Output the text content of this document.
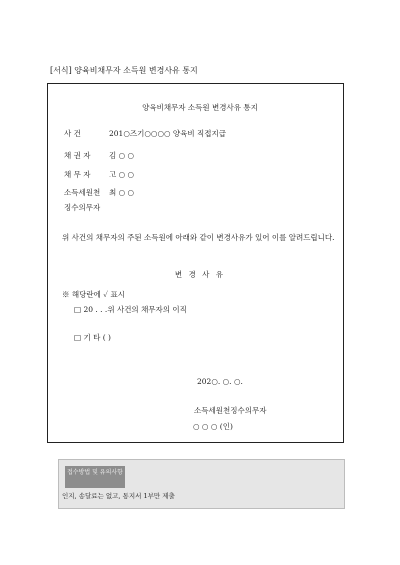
[서식] 양육비채무자 소득원 변경사유 통지
양육비채무자 소득원 변경사유 통지
사 건	201○즈기○○○○ 양육비 직접지급
채 권 자 김 ○ ○
채 무 자 고 ○ ○
소득세원천 최 ○ ○
징수의무자
위 사건의 채무자의 주된 소득원에 아래와 같이 변경사유가 있어 이를 알려드립니다.
변 경 사 유
※ 해당란에 ✓ 표시
□ 20 . . .위 사건의 채무자의 이직
□ 기 타 ( )
202○. ○. ○.
소득세원천징수의무자
○ ○ ○ (인)
접수방법 및 유의사항
인지, 송달료는 없고, 통지서 1부만 제출
